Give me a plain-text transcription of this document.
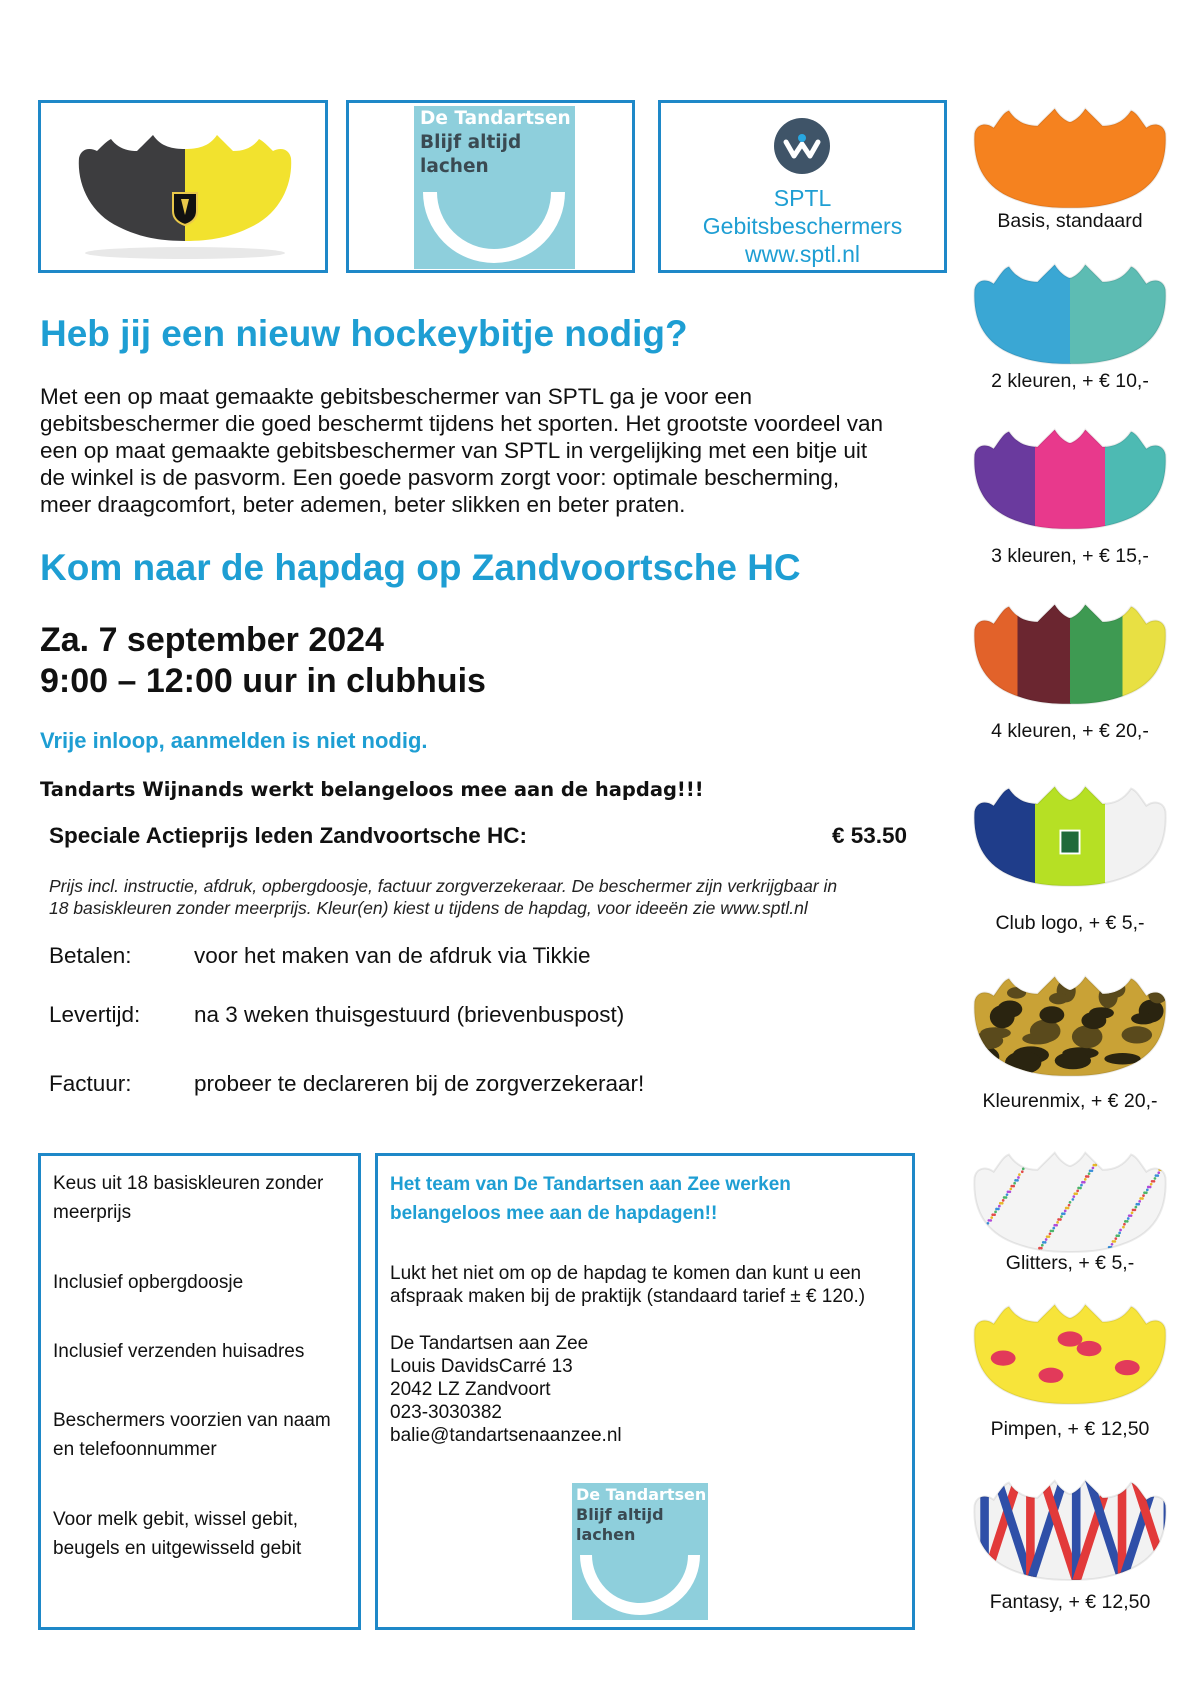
De Tandartsen
Blijf altijd
lachen
SPTL
Gebitsbeschermers
www.sptl.nl
Heb jij een nieuw hockeybitje nodig?
Met een op maat gemaakte gebitsbeschermer van SPTL ga je voor een
gebitsbeschermer die goed beschermt tijdens het sporten. Het grootste voordeel van
een op maat gemaakte gebitsbeschermer van SPTL in vergelijking met een bitje uit
de winkel is de pasvorm. Een goede pasvorm zorgt voor: optimale bescherming,
meer draagcomfort, beter ademen, beter slikken en beter praten.
Kom naar de hapdag op Zandvoortsche HC
Za. 7 september 2024
9:00 – 12:00 uur in clubhuis
Vrije inloop, aanmelden is niet nodig.
Tandarts Wijnands werkt belangeloos mee aan de hapdag!!!
Speciale Actieprijs leden Zandvoortsche HC:	€ 53.50
Prijs incl. instructie, afdruk, opbergdoosje, factuur zorgverzekeraar. De beschermer zijn verkrijgbaar in
18 basiskleuren zonder meerprijs. Kleur(en) kiest u tijdens de hapdag, voor ideeën zie www.sptl.nl
Betalen:	voor het maken van de afdruk via Tikkie
Levertijd: na 3 weken thuisgestuurd (brievenbuspost)
Factuur:	probeer te declareren bij de zorgverzekeraar!
Keus uit 18 basiskleuren zonder
meerprijs
Inclusief opbergdoosje
Inclusief verzenden huisadres
Beschermers voorzien van naam
en telefoonnummer
Voor melk gebit, wissel gebit,
beugels en uitgewisseld gebit
Het team van De Tandartsen aan Zee werken
belangeloos mee aan de hapdagen!!
Lukt het niet om op de hapdag te komen dan kunt u een
afspraak maken bij de praktijk (standaard tarief ± € 120.)
De Tandartsen aan Zee
Louis DavidsCarré 13
2042 LZ Zandvoort
023-3030382
balie@tandartsenaanzee.nl
De Tandartsen
Blijf altijd
lachen
Basis, standaard
2 kleuren, + € 10,-
3 kleuren, + € 15,-
4 kleuren, + € 20,-
Club logo, + € 5,-
Kleurenmix, + € 20,-
Glitters, + € 5,-
Pimpen, + € 12,50
Fantasy, + € 12,50
